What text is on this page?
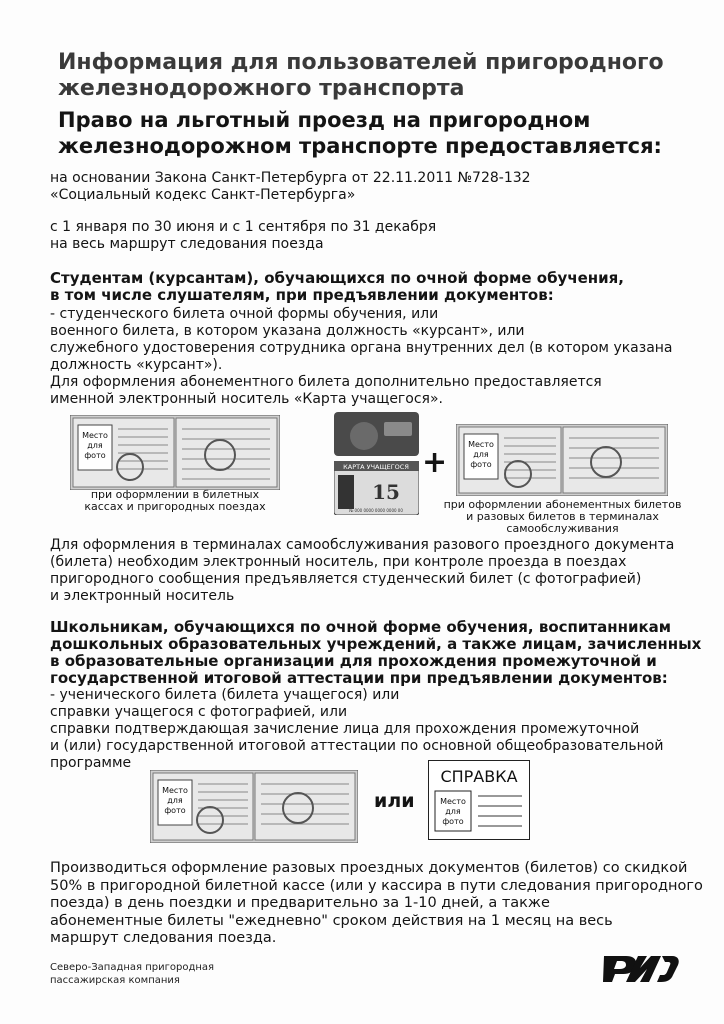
Информация для пользователей пригородного железнодорожного транспорта
Право на льготный проезд на пригородном железнодорожном транспорте предоставляется:
на основании Закона Санкт-Петербурга от 22.11.2011 №728-132
«Социальный кодекс Санкт-Петербурга»
с 1 января по 30 июня и с 1 сентября по 31 декабря
на весь маршрут следования поезда
Студентам (курсантам), обучающихся по очной форме обучения,
в том числе слушателям, при предъявлении документов:
- студенческого билета очной формы обучения, или
военного билета, в котором указана должность «курсант», или
служебного удостоверения сотрудника органа внутренних дел (в котором указана
должность «курсант»).
Для оформления абонементного билета дополнительно предоставляется
именной электронный носитель «Карта учащегося».
Место
для
фото
при оформлении в билетных кассах и пригородных поездах
КАРТА УЧАЩЕГОСЯ
15
№ 000 0000 0000 0000 00
+
Место
для
фото
при оформлении абонементных билетов и разовых билетов в терминалах самообслуживания
Для оформления в терминалах самообслуживания разового проездного документа
(билета) необходим электронный носитель, при контроле проезда в поездах
пригородного сообщения предъявляется студенческий билет (с фотографией)
и электронный носитель
Школьникам, обучающихся по очной форме обучения, воспитанникам
дошкольных образовательных учреждений, а также лицам, зачисленных
в образовательные организации для прохождения промежуточной и
государственной итоговой аттестации при предъявлении документов:
- ученического билета (билета учащегося) или
справки учащегося с фотографией, или
справки подтверждающая зачисление лица для прохождения промежуточной
и (или) государственной итоговой аттестации по основной общеобразовательной
программе
Место
для
фото	или
СПРАВКА
Место
для
фото
Производиться оформление разовых проездных документов (билетов) со скидкой
50% в пригородной билетной кассе (или у кассира в пути следования пригородного
поезда) в день поездки и предварительно за 1-10 дней, а также
абонементные билеты "ежедневно" сроком действия на 1 месяц на весь
маршрут следования поезда.
Северо-Западная пригородная
пассажирская компания
